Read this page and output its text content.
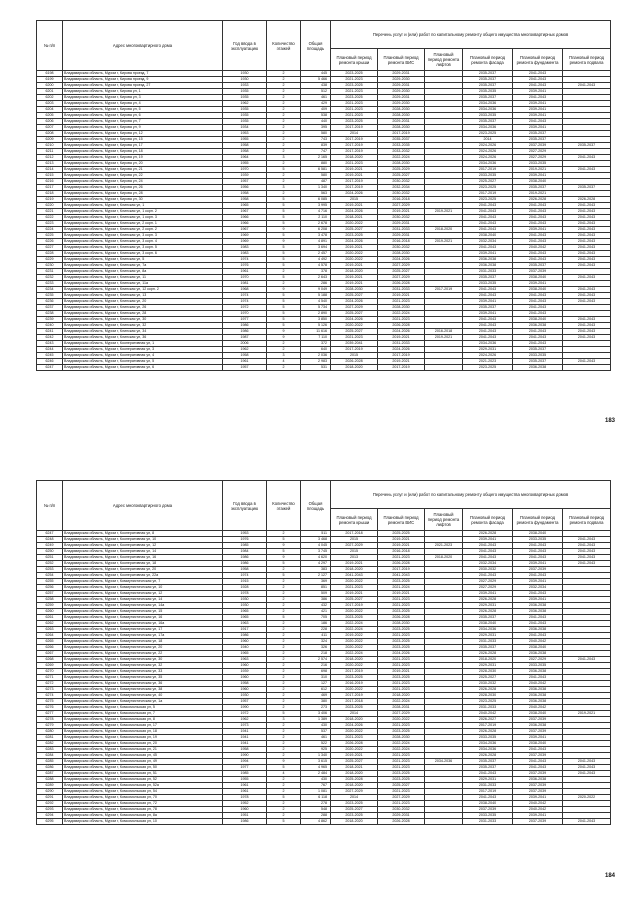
№ п/п	Адрес многоквартирного дома	Год ввода в эксплуатацию	Количество этажей	Общая площадь	Перечень услуг и (или) работ по капитальному ремонту общего имущества многоквартирных домов					
					Плановый период ремонта крыши	Плановый период ремонта ВИС	Плановый период ремонта лифтов	Плановый период ремонта фасада	Плановый период ремонта фундамента	Плановый период ремонта подвала
6198	Владимирская область, Муром г, Кирова проезд, 7	1930	2	445	2023-2025	2029-2031		2035-2037	2041-2043	
6199	Владимирская область, Муром г, Кирова проезд, 9	1930	2	5 466	2021-2023	2029-2030		2035-2037	2041-2043	
6200	Владимирская область, Муром г, Кирова проезд, 27	1933	2	438	2023-2025	2029-2031		2035-2037	2041-2043	2041-2043
6201	Владимирская область, Муром г, Кирова ул, 1	1935	2	512	2021-2023	2029-2030		2035-2035	2039-2041	
6202	Владимирская область, Муром г, Кирова ул, 3	1935	2	461	2023-2025	2029-2031		2035-2037	2041-2043	
6203	Владимирская область, Муром г, Кирова ул, 4	1962	2	429	2021-2023	2029-2030		2034-2036	2039-2041	
6204	Владимирская область, Муром г, Кирова ул, 5	1935	2	409	2021-2023	2028-2030		2034-2036	2039-2041	
6205	Владимирская область, Муром г, Кирова ул, 6	1935	2	538	2021-2023	2028-2030		2033-2035	2039-2041	
6206	Владимирская область, Муром г, Кирова ул, 7	1935	2	440	2023-2025	2029-2031		2035-2037	2041-2043	
6207	Владимирская область, Муром г, Кирова ул, 9	1934	2	395	2017-2019	2028-2030		2034-2036	2039-2041	
6208	Владимирская область, Муром г, Кирова ул, 12	1953	2	580	2014	2017-2019		2023-2025	2035-2037	
6209	Владимирская область, Муром г, Кирова ул, 15	1955	2	743	2017-2019	2035-2037		2014	2035-2037	
6210	Владимирская область, Муром г, Кирова ул, 17	1958	2	839	2017-2019	2033-2035		2024-2026	2037-2039	2035-2037
6211	Владимирская область, Муром г, Кирова ул, 18	1958	2	747	2017-2019	2033-2032		2024-2026	2027-2029	
6212	Владимирская область, Муром г, Кирова ул, 19	1964	3	2 165	2018-2020	2022-2024		2024-2026	2027-2029	2041-2043
6213	Владимирская область, Муром г, Кирова ул, 20	1955	2	880	2021-2023	2028-2030		2034-2036	2033-2035	
6214	Владимирская область, Муром г, Кирова ул, 21	1970	5	6 581	2019-2021	2025-2029		2017-2019	2019-2021	2041-2043
6215	Владимирская область, Муром г, Кирова ул, 22	1939	2	580	2019-2021	2025-2027		2033-2035	2039-2041	
6216	Владимирская область, Муром г, Кирова ул, 24	1957	2	487	2017-2019	2030-2032		2025-2027	2038-2040	
6217	Владимирская область, Муром г, Кирова ул, 26	1956	3	1 340	2017-2019	2032-2034		2023-2025	2035-2037	2035-2037
6218	Владимирская область, Муром г, Кирова ул, 28	1958	2	563	2024-2026	2030-2032		2017-2019	2019-2021	
6219	Владимирская область, Муром г, Кирова ул, 30	1958	5	6 085	2015	2016-2018		2023-2025	2026-2028	2026-2028
6220	Владимирская область, Муром г, Клинская ул, 1	1965	5	3 995	2019-2021	2027-2029		2041-2043	2041-2043	2041-2043
6221	Владимирская область, Муром г, Клинская ул, 1 корп. 2	1967	5	4 716	2024-2026	2019-2021	2019-2021	2041-2043	2041-2043	2041-2043
6222	Владимирская область, Муром г, Клинская ул, 1 корп. 3	1966	5	2 110	2018-2021	2030-2032		2041-2043	2041-2043	2041-2043
6223	Владимирская область, Муром г, Клинская ул, 2 корп. 1	1966	5	2 678	2020-2022	2029-2031		2041-2043	2041-2043	2041-2043
6224	Владимирская область, Муром г, Клинская ул, 2 корп. 2	1967	9	6 208	2025-2027	2031-2033	2018-2020	2041-2043	2039-2041	2041-2043
6225	Владимирская область, Муром г, Клинская ул, 3 корп. 3	1969	5	3 478	2023-2025	2029-2031		2038-2040	2041-2043	2041-2043
6226	Владимирская область, Муром г, Клинская ул, 3 корп. 4	1969	9	4 891	2024-2026	2016-2018	2019-2021	2032-2034	2041-2043	2041-2043
6227	Владимирская область, Муром г, Клинская ул, 3 корп. 5	1983	5	3 694	2019-2021	2030-2032		2041-2043	2040-2042	2041-2043
6228	Владимирская область, Муром г, Клинская ул, 3 корп. 6	1983	5	2 457	2020-2022	2028-2030		2039-2041	2041-2043	2041-2043
6229	Владимирская область, Муром г, Клинская ул, 5	1974	5	4 492	2020-2022	2024-2026		2036-2038	2041-2043	2041-2043
6230	Владимирская область, Муром г, Клинская ул, 7а	1976	5	4 578	2019-2021	2027-2029		2036-2038	2035-2037	2041-2043
6231	Владимирская область, Муром г, Клинская ул, 8а	1961	2	378	2018-2020	2025-2027		2031-2033	2037-2039	
6232	Владимирская область, Муром г, Клинская ул, 11	1970	5	2 643	2019-2021	2027-2029		2035-2037	2038-2040	2041-2043
6233	Владимирская область, Муром г, Клинская ул, 11а	1981	2	286	2019-2021	2026-2028		2033-2035	2039-2041	
6234	Владимирская область, Муром г, Клинская ул, 12 корп. 2	1968	9	9 049	2028-2030	2031-2033	2017-2019	2041-2043	2038-2040	2041-2043
6235	Владимирская область, Муром г, Клинская ул, 13	1974	5	5 188	2025-2027	2019-2021		2041-2043	2041-2043	2041-2043
6236	Владимирская область, Муром г, Клинская ул, 20	1974	5	4 540	2024-2026	2021-2023		2039-2041	2041-2043	2041-2043
6237	Владимирская область, Муром г, Клинская ул, 26	1972	5	5 734	2027-2029	2028-2030		2035-2037	2041-2043	
6238	Владимирская область, Муром г, Клинская ул, 28	1970	5	2 890	2025-2027	2022-2024		2039-2041	2041-2043	
6239	Владимирская область, Муром г, Клинская ул, 30	1977	5	3 850	2024-2026	2021-2023		2041-2043	2038-2040	2041-2043
6240	Владимирская область, Муром г, Клинская ул, 32	1986	5	5 126	2020-2022	2026-2028		2041-2043	2036-2038	2041-2043
6241	Владимирская область, Муром г, Клинская ул, 34	1986	9	11 616	2025-2027	2024-2026	2016-2018	2041-2043	2041-2043	2041-2043
6242	Владимирская область, Муром г, Клинская ул, 36	1987	9	7 110	2021-2023	2019-2021	2019-2021	2041-2043	2041-2043	2041-2043
6243	Владимирская область, Муром г, Кооперативная ул, 1	2006	2	372	2039-2041	2031-2033		2034-2036	2041-2043	
6244	Владимирская область, Муром г, Кооперативная ул, 3	1962	2	640	2017-2019	2024-2026		2029-2031	2035-2037	
6245	Владимирская область, Муром г, Кооперативная ул, 4	1958	3	2 036	2015	2017-2019		2024-2026	2033-2035	
6246	Владимирская область, Муром г, Кооперативная ул, 5	1961	4	2 983	2026-2028	2019-2021		2021-2023	2035-2037	2041-2043
6247	Владимирская область, Муром г, Кооперативная ул, 6	1957	2	531	2018-2020	2017-2019		2023-2025	2036-2038	
183
№ п/п	Адрес многоквартирного дома	Год ввода в эксплуатацию	Количество этажей	Общая площадь	Перечень услуг и (или) работ по капитальному ремонту общего имущества многоквартирных домов					
					Плановый период ремонта крыши	Плановый период ремонта ВИС	Плановый период ремонта лифтов	Плановый период ремонта фасада	Плановый период ремонта фундамента	Плановый период ремонта подвала
6247	Владимирская область, Муром г, Кооперативная ул, 8	1953	2	511	2017-2018	2025-2025		2026-2028	2038-2040	
6248	Владимирская область, Муром г, Кооперативная ул, 10	1976	5	3 468	2015	2019-2021		2039-2041	2033-2035	2041-2043
6249	Владимирская область, Муром г, Кооперативная ул, 12	1985	9	4 045	2027-2029	2019-2021	2021-2023	2041-2043	2041-2043	2041-2043
6250	Владимирская область, Муром г, Кооперативная ул, 14	1984	5	3 745	2015	2016-2018		2041-2043	2041-2043	2041-2043
6251	Владимирская область, Муром г, Кооперативная ул, 16	1986	9	4 620	2013	2021-2023	2018-2020	2041-2043	2041-2043	2041-2043
6252	Владимирская область, Муром г, Кооперативная ул, 18	1986	5	4 297	2019-2021	2026-2028		2032-2034	2039-2041	2041-2043
6253	Владимирская область, Муром г, Кооперативная ул, 20	1958	2	383	2018-2020	2017-2019		2030-2032	2037-2039	
6254	Владимирская область, Муром г, Кооперативная ул, 22а	1974	5	2 127	2041-2043	2041-2043		2041-2043	2041-2043	
6255	Владимирская область, Муром г, Коммунистическая ул, 7	1915	2	369	2020-2022	2023-2025		2027-2029	2039-2041	
6256	Владимирская область, Муром г, Коммунистическая ул, 10	1928	2	851	2021-2023	2021-2024		2027-2029	2032-2034	
6257	Владимирская область, Муром г, Коммунистическая ул, 12	1978	2	509	2019-2021	2019-2021		2039-2041	2041-2043	
6258	Владимирская область, Муром г, Коммунистическая ул, 14	1930	2	386	2025-2027	2021-2023		2026-2028	2039-2041	
6259	Владимирская область, Муром г, Коммунистическая ул, 14а	1930	2	432	2017-2019	2021-2023		2029-2031	2036-2038	
6260	Владимирская область, Муром г, Коммунистическая ул, 15	1965	2	421	2020-2022	2023-2025		2026-2028	2036-2038	
6261	Владимирская область, Муром г, Коммунистическая ул, 16	1965	5	705	2023-2025	2026-2028		2035-2037	2041-2043	
6262	Владимирская область, Муром г, Коммунистическая ул, 16а	1963	2	186	2022-2024	2028-2030		2038-2040	2041-2043	
6263	Владимирская область, Муром г, Коммунистическая ул, 17	1917	2	228	2022-2024	2023-2025		2034-2036	2036-2038	
6264	Владимирская область, Муром г, Коммунистическая ул, 17а	1986	2	411	2019-2022	2021-2023		2029-2031	2041-2043	
6265	Владимирская область, Муром г, Коммунистическая ул, 18	1960	2	324	2020-2022	2023-2025		2031-2033	2040-2042	
6266	Владимирская область, Муром г, Коммунистическая ул, 20	1940	2	326	2020-2022	2023-2025		2035-2037	2038-2040	
6267	Владимирская область, Муром г, Коммунистическая ул, 22	1965	2	218	2022-2024	2024-2026		2026-2028	2036-2038	
6268	Владимирская область, Муром г, Коммунистическая ул, 30	1963	2	2 574	2018-2020	2021-2023		2018-2020	2027-2029	2041-2043
6269	Владимирская область, Муром г, Коммунистическая ул, 32	1960	2	216	2020-2022	2021-2023		2029-2031	2033-2035	
6270	Владимирская область, Муром г, Коммунистическая ул, 33	1939	2	698	2017-2019	2019-2021		2028-2030	2036-2038	
6271	Владимирская область, Муром г, Коммунистическая ул, 35	1960	2	310	2023-2025	2023-2025		2025-2027	2041-2043	
6272	Владимирская область, Муром г, Коммунистическая ул, 36	1958	2	127	2016-2019	2021-2023		2030-2032	2040-2042	
6273	Владимирская область, Муром г, Коммунистическая ул, 38	1960	2	612	2020-2022	2021-2023		2026-2028	2036-2038	
6274	Владимирская область, Муром г, Коммунистическая ул, 40	1930	2	469	2017-2019	2018-2020		2028-2030	2036-2038	
6275	Владимирская область, Муром г, Коммунистическая ул, 1а	1957	2	380	2017-2018	2022-2024		2023-2025	2036-2038	
6276	Владимирская область, Муром г, Комсомольская ул, 5	1990	2	273	2023-2025	2028-2031		2031-2033	2040-2042	
6277	Владимирская область, Муром г, Комсомольская ул, 7	1972	5	3 406	2014	2027-2029		2040-2042	2038-2040	2019-2021
6278	Владимирская область, Муром г, Комсомольская ул, 8	1962	3	1 389	2018-2020	2020-2022		2026-2027	2037-2039	
6279	Владимирская область, Муром г, Комсомольская ул, 17	1973	2	430	2024-2026	2021-2023		2017-2019	2036-2038	
6280	Владимирская область, Муром г, Комсомольская ул, 18	1941	2	537	2020-2022	2023-2025		2026-2028	2037-2039	
6281	Владимирская область, Муром г, Комсомольская ул, 19	1941	2	461	2021-2023	2028-2030		2033-2035	2039-2041	
6282	Владимирская область, Муром г, Комсомольская ул, 20	1941	2	522	2026-2028	2022-2024		2034-2036	2038-2040	
6283	Владимирская область, Муром г, Комсомольская ул, 21	1958	2	925	2020-2022	2022-2024		2034-2036	2041-2043	
6284	Владимирская область, Муром г, Комсомольская ул, 45	1990	2	1 340	2019-2021	2021-2023		2026-2028	2037-2039	
6285	Владимирская область, Муром г, Комсомольская ул, 49	1994	9	3 615	2025-2027	2021-2023	2034-2036	2035-2037	2041-2043	2041-2043
6286	Владимирская область, Муром г, Комсомольская ул, 50	1977	5	4 965	2018-2021	2021-2023		2035-2037	2041-2043	2041-2043
6287	Владимирская область, Муром г, Комсомольская ул, 51	1985	4	2 484	2018-2020	2023-2025		2041-2043	2037-2039	2041-2043
6288	Владимирская область, Муром г, Комсомольская ул, 52	1955	2	430	2025-2028	2023-2025		2029-2031	2036-2038	
6289	Владимирская область, Муром г, Комсомольская ул, 52а	1961	2	767	2018-2020	2025-2027		2031-2033	2037-2039	
6290	Владимирская область, Муром г, Комсомольская ул, 54	1961	2	1 081	2027-2029	2021-2023		2017-2019	2037-2039	
6291	Владимирская область, Муром г, Комсомольская ул, 70	1978	5	6 118	2014	2027-2029		2041-2043	2039-2041	2020-2022
6292	Владимирская область, Муром г, Комсомольская ул, 72	1952	2	278	2023-2025	2021-2023		2038-2040	2040-2042	
6293	Владимирская область, Муром г, Комсомольская ул, 78	1960	2	548	2025-2027	2030-2032		2037-2039	2040-2042	
6294	Владимирская область, Муром г, Комсомольская ул, 8а	1951	2	288	2023-2025	2029-2031		2033-2035	2039-2041	
6295	Владимирская область, Муром г, Комсомольская ул, 10	1986	5	4 862	2018-2020	2026-2028		2031-2033	2037-2039	2041-2043
184
